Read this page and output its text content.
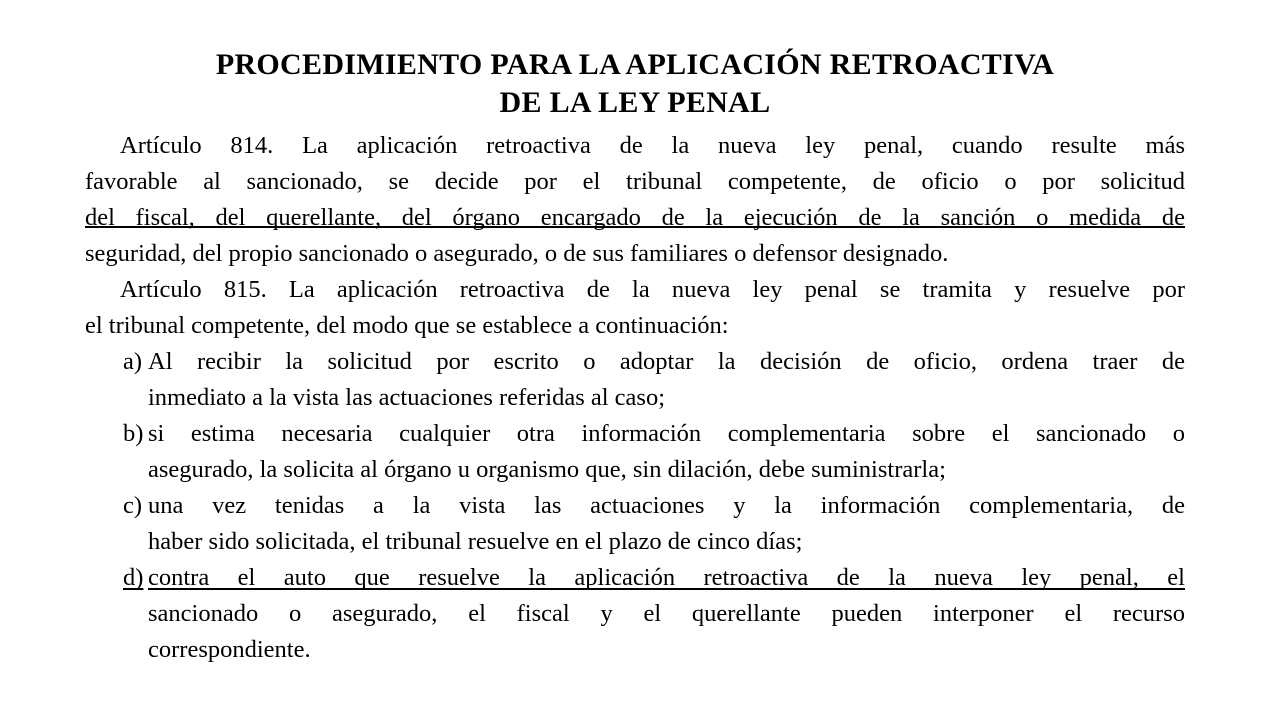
PROCEDIMIENTO PARA LA APLICACIÓN RETROACTIVA
DE LA LEY PENAL
Artículo 814. La aplicación retroactiva de la nueva ley penal, cuando resulte más
favorable al sancionado, se decide por el tribunal competente, de oficio o por solicitud
del fiscal, del querellante, del órgano encargado de la ejecución de la sanción o medida de
seguridad, del propio sancionado o asegurado, o de sus familiares o defensor designado.
Artículo 815. La aplicación retroactiva de la nueva ley penal se tramita y resuelve por
el tribunal competente, del modo que se establece a continuación:
a) Al recibir la solicitud por escrito o adoptar la decisión de oficio, ordena traer de
inmediato a la vista las actuaciones referidas al caso;
b) si estima necesaria cualquier otra información complementaria sobre el sancionado o
asegurado, la solicita al órgano u organismo que, sin dilación, debe suministrarla;
c) una vez tenidas a la vista las actuaciones y la información complementaria, de
haber sido solicitada, el tribunal resuelve en el plazo de cinco días;
d) contra el auto que resuelve la aplicación retroactiva de la nueva ley penal, el
sancionado o asegurado, el fiscal y el querellante pueden interponer el recurso
correspondiente.
